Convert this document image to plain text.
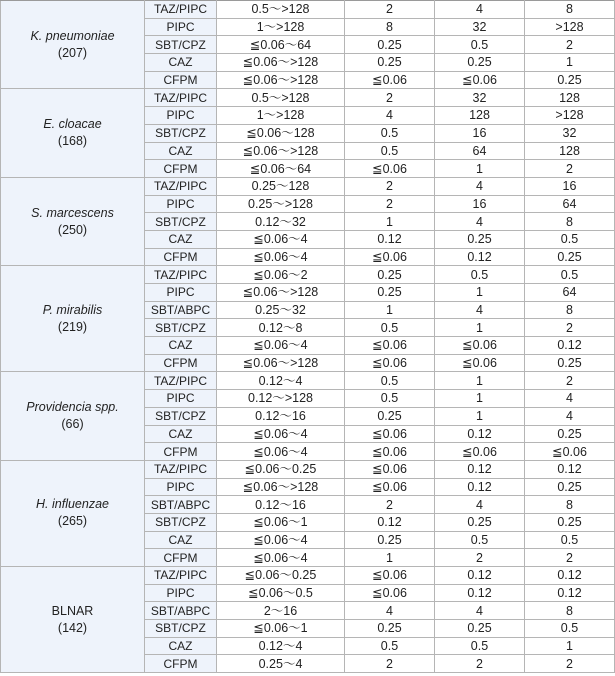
K. pneumoniae
(207)	TAZ/PIPC	0.5～>128	2	4	8
	PIPC	1～>128	8	32	>128
	SBT/CPZ	≦0.06～64	0.25	0.5	2
	CAZ	≦0.06～>128	0.25	0.25	1
	CFPM	≦0.06～>128	≦0.06	≦0.06	0.25

E. cloacae
(168)	TAZ/PIPC	0.5～>128	2	32	128
	PIPC	1～>128	4	128	>128
	SBT/CPZ	≦0.06～128	0.5	16	32
	CAZ	≦0.06～>128	0.5	64	128
	CFPM	≦0.06～64	≦0.06	1	2

S. marcescens
(250)	TAZ/PIPC	0.25～128	2	4	16
	PIPC	0.25～>128	2	16	64
	SBT/CPZ	0.12～32	1	4	8
	CAZ	≦0.06～4	0.12	0.25	0.5
	CFPM	≦0.06～4	≦0.06	0.12	0.25

P. mirabilis
(219)	TAZ/PIPC	≦0.06～2	0.25	0.5	0.5
	PIPC	≦0.06～>128	0.25	1	64
	SBT/ABPC	0.25～32	1	4	8
	SBT/CPZ	0.12～8	0.5	1	2
	CAZ	≦0.06～4	≦0.06	≦0.06	0.12
	CFPM	≦0.06～>128	≦0.06	≦0.06	0.25

Providencia spp.
(66)	TAZ/PIPC	0.12～4	0.5	1	2
	PIPC	0.12～>128	0.5	1	4
	SBT/CPZ	0.12～16	0.25	1	4
	CAZ	≦0.06～4	≦0.06	0.12	0.25
	CFPM	≦0.06～4	≦0.06	≦0.06	≦0.06

H. influenzae
(265)	TAZ/PIPC	≦0.06～0.25	≦0.06	0.12	0.12
	PIPC	≦0.06～>128	≦0.06	0.12	0.25
	SBT/ABPC	0.12～16	2	4	8
	SBT/CPZ	≦0.06～1	0.12	0.25	0.25
	CAZ	≦0.06～4	0.25	0.5	0.5
	CFPM	≦0.06～4	1	2	2

BLNAR
(142)	TAZ/PIPC	≦0.06～0.25	≦0.06	0.12	0.12
	PIPC	≦0.06～0.5	≦0.06	0.12	0.12
	SBT/ABPC	2～16	4	4	8
	SBT/CPZ	≦0.06～1	0.25	0.25	0.5
	CAZ	0.12～4	0.5	0.5	1
	CFPM	0.25～4	2	2	2
